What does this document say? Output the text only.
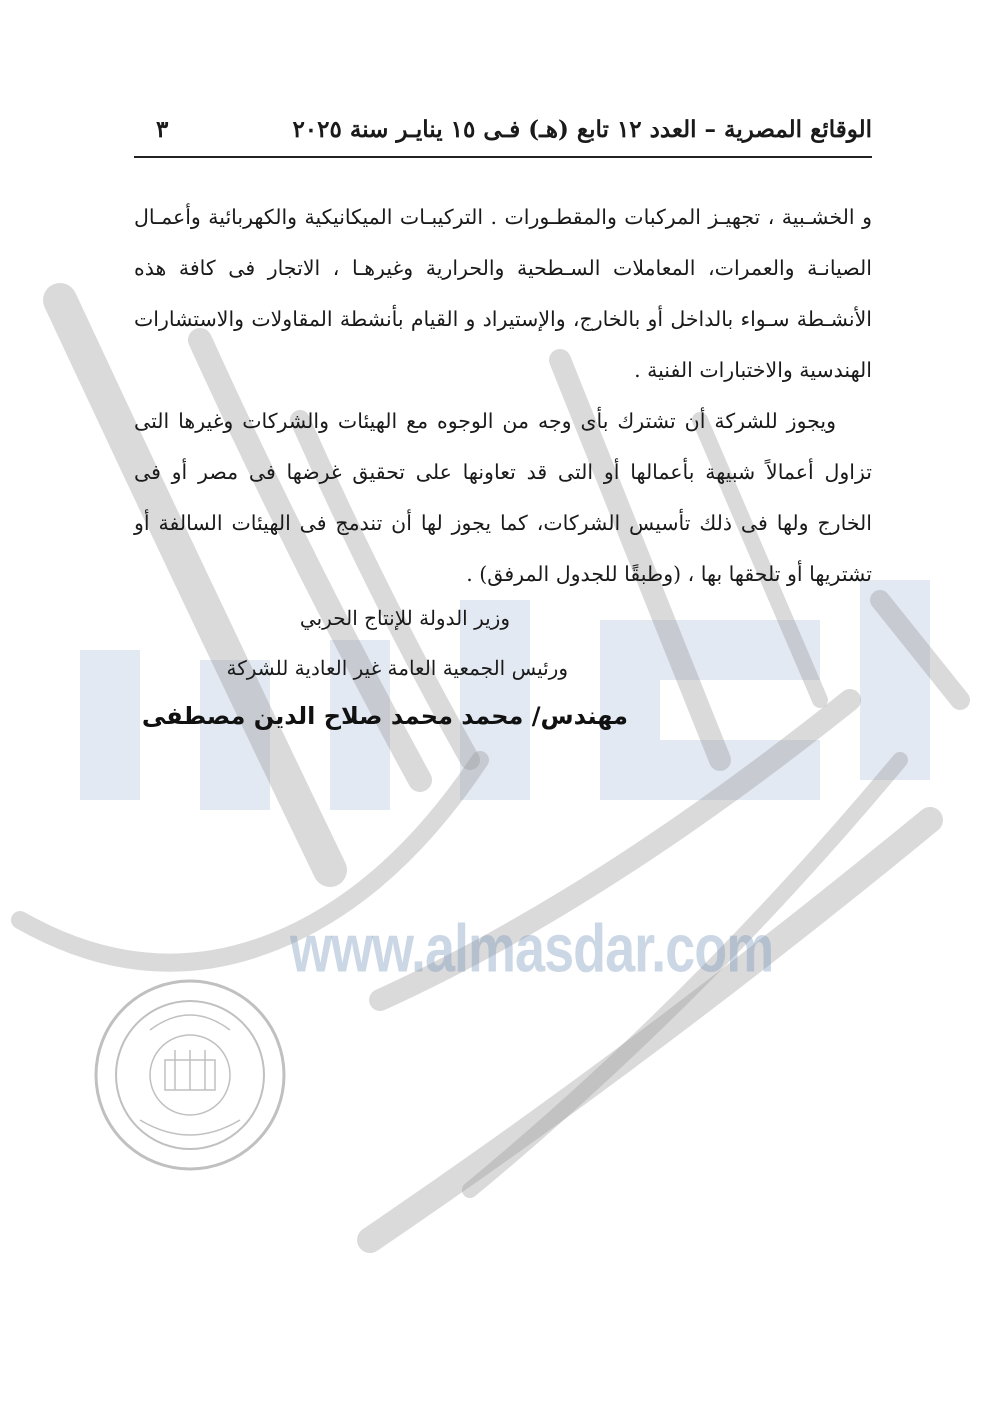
www.almasdar.com
الوقائع المصرية – العدد ١٢ تابع (هـ) فـى ١٥ ينايـر سنة ٢٠٢٥
٣

و الخشـبية ، تجهيـز المركبات والمقطـورات . التركيبـات الميكانيكية والكهربائية وأعمـال الصيانـة والعمرات، المعاملات السـطحية والحرارية وغيرهـا ، الاتجار فى كافة هذه الأنشـطة سـواء بالداخل أو بالخارج، والإستيراد و القيام بأنشطة المقاولات والاستشارات الهندسية والاختبارات الفنية .

ويجوز للشركة أن تشترك بأى وجه من الوجوه مع الهيئات والشركات وغيرها التى تزاول أعمالاً شبيهة بأعمالها أو التى قد تعاونها على تحقيق غرضها فى مصر أو فى الخارج ولها فى ذلك تأسيس الشركات، كما يجوز لها أن تندمج فى الهيئات السالفة أو تشتريها أو تلحقها بها ، (وطبقًا للجدول المرفق) .

وزير الدولة للإنتاج الحربي
ورئيس الجمعية العامة غير العادية للشركة
مهندس/ محمد محمد صلاح الدين مصطفى
